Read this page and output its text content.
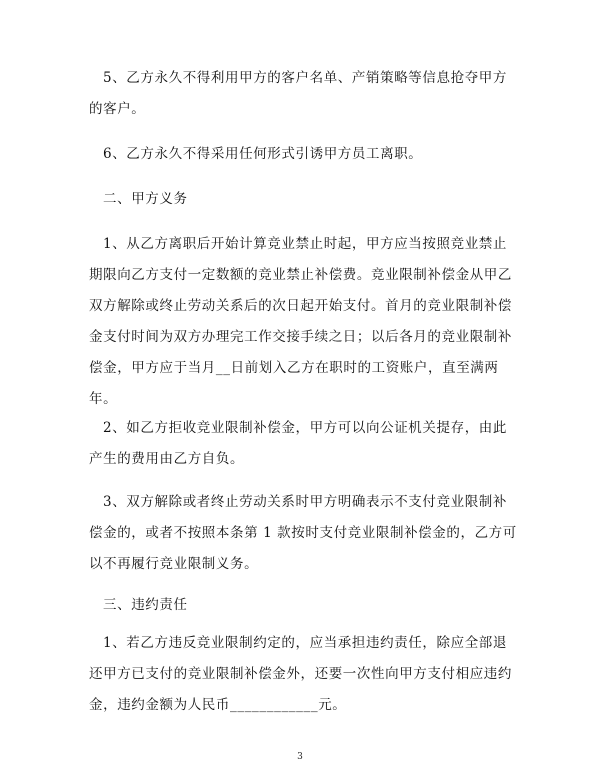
5、乙方永久不得利用甲方的客户名单、产销策略等信息抢夺甲方
的客户。
6、乙方永久不得采用任何形式引诱甲方员工离职。
二、甲方义务
1、从乙方离职后开始计算竞业禁止时起，甲方应当按照竞业禁止
期限向乙方支付一定数额的竞业禁止补偿费。竞业限制补偿金从甲乙
双方解除或终止劳动关系后的次日起开始支付。首月的竞业限制补偿
金支付时间为双方办理完工作交接手续之日；以后各月的竞业限制补
偿金，甲方应于当月__日前划入乙方在职时的工资账户，直至满两
年。
2、如乙方拒收竞业限制补偿金，甲方可以向公证机关提存，由此
产生的费用由乙方自负。
3、双方解除或者终止劳动关系时甲方明确表示不支付竞业限制补
偿金的，或者不按照本条第 1 款按时支付竞业限制补偿金的，乙方可
以不再履行竞业限制义务。
三、违约责任
1、若乙方违反竞业限制约定的，应当承担违约责任，除应全部退
还甲方已支付的竞业限制补偿金外，还要一次性向甲方支付相应违约
金，违约金额为人民币____________元。
3
